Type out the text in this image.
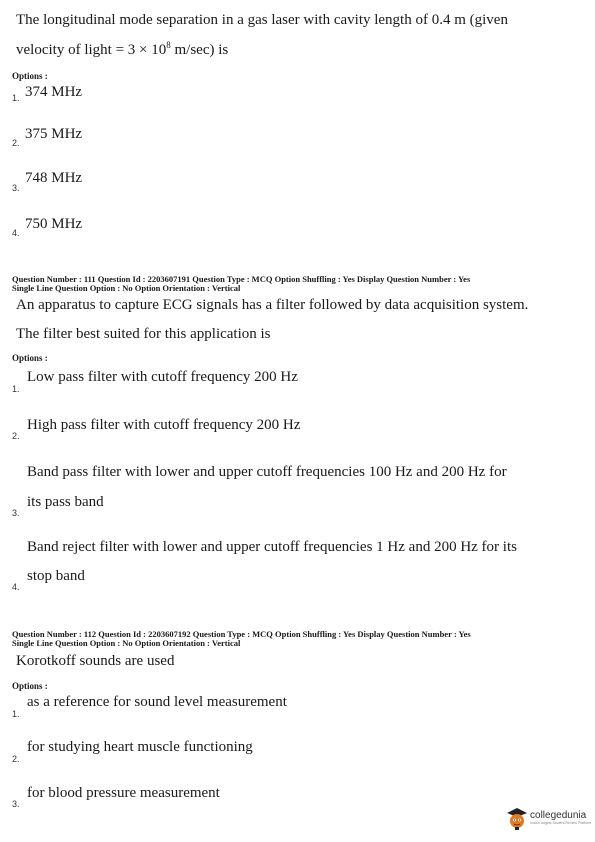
The longitudinal mode separation in a gas laser with cavity length of 0.4 m (given
velocity of light = $3 \times 10^8$ m/sec) is
Options :
1. 374 MHz
2.
375 MHz
3.
748 MHz
4.
750 MHz
Question Number : 111 Question Id : 2203607191 Question Type : MCQ Option Shuffling : Yes Display Question Number : Yes
Single Line Question Option : No Option Orientation : Vertical
An apparatus to capture ECG signals has a filter followed by data acquisition system.
The filter best suited for this application is
Options :
1.
Low pass filter with cutoff frequency 200 Hz
2.
High pass filter with cutoff frequency 200 Hz
Band pass filter with lower and upper cutoff frequencies 100 Hz and 200 Hz for
3.
its pass band
Band reject filter with lower and upper cutoff frequencies 1 Hz and 200 Hz for its
4.
stop band
Question Number : 112 Question Id : 2203607192 Question Type : MCQ Option Shuffling : Yes Display Question Number : Yes
Single Line Question Option : No Option Orientation : Vertical
Korotkoff sounds are used
Options :
1.
as a reference for sound level measurement
2.
for studying heart muscle functioning
3.
for blood pressure measurement
collegedunia
India's largest Student Review Platform
